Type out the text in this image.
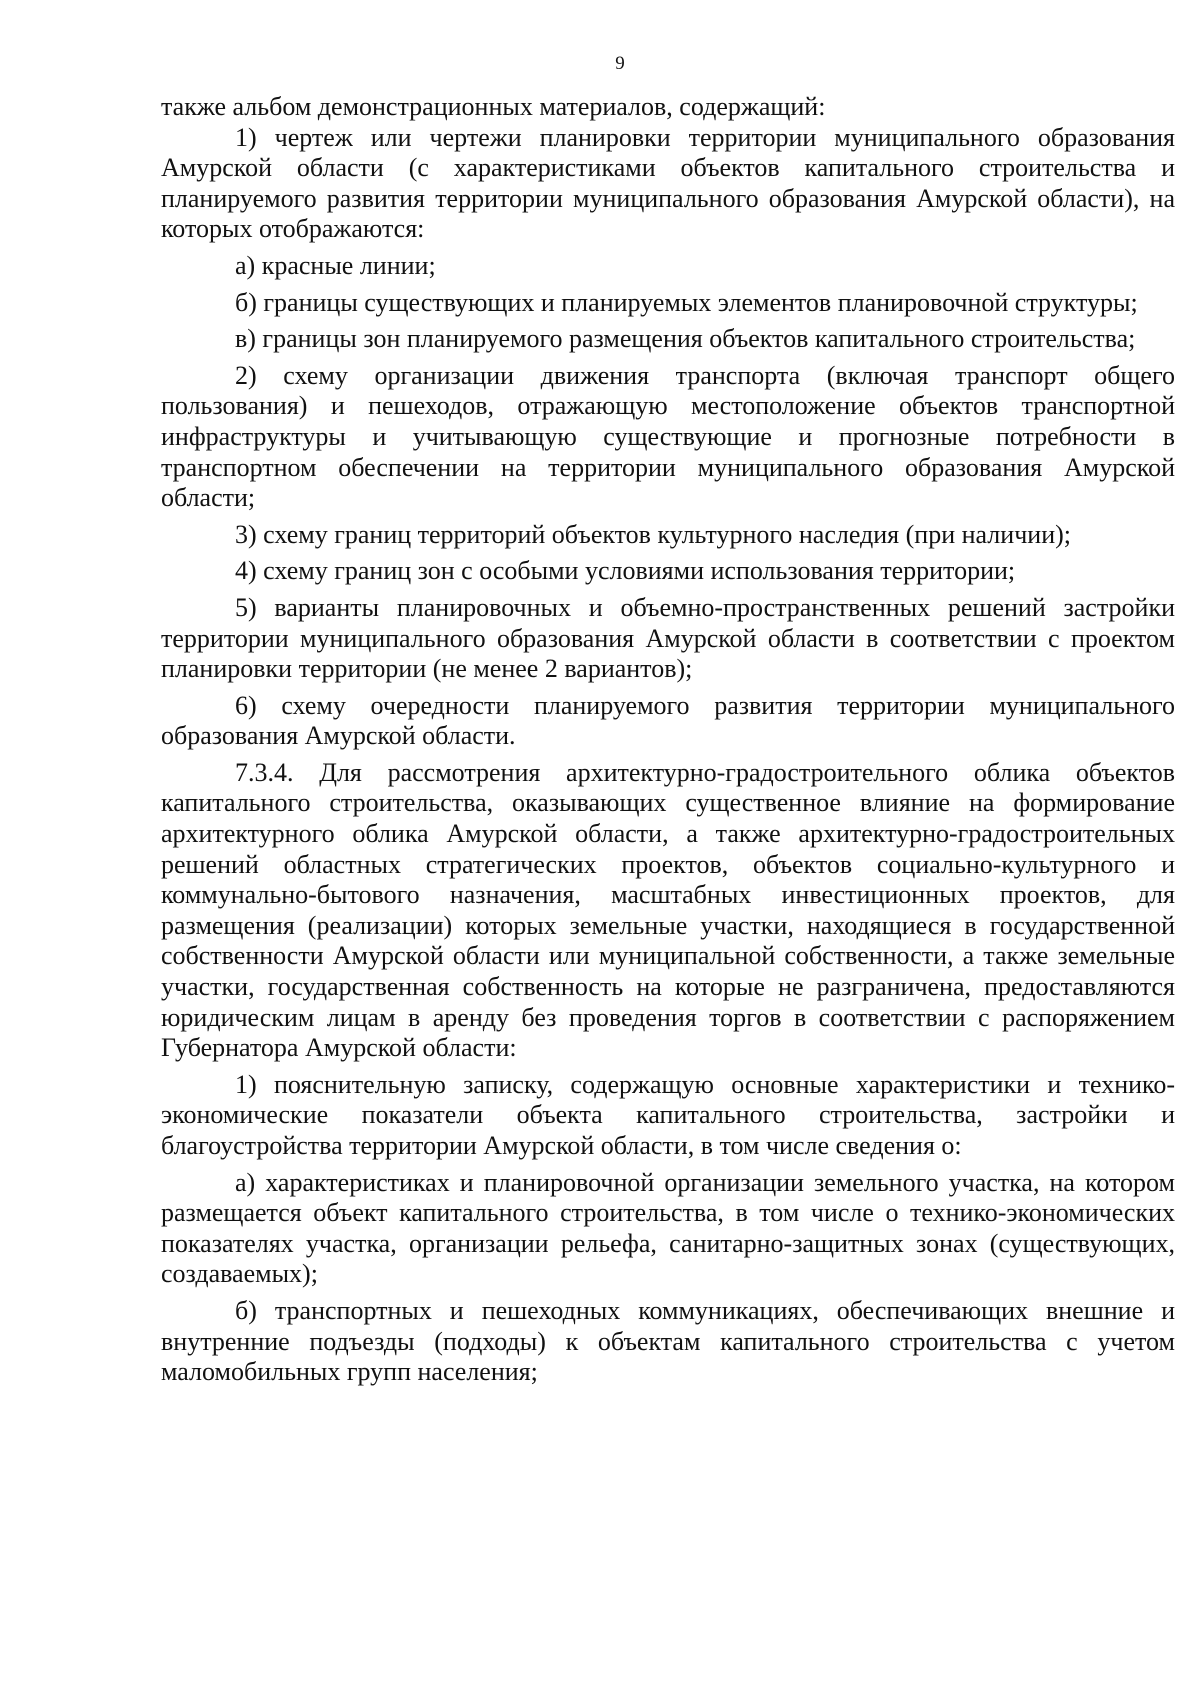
9

также альбом демонстрационных материалов, содержащий:

1) чертеж или чертежи планировки территории муниципального образования Амурской области (с характеристиками объектов капитального строительства и планируемого развития территории муниципального образования Амурской области), на которых отображаются:

а) красные линии;

б) границы существующих и планируемых элементов планировочной структуры;

в) границы зон планируемого размещения объектов капитального строительства;

2) схему организации движения транспорта (включая транспорт общего пользования) и пешеходов, отражающую местоположение объектов транспортной инфраструктуры и учитывающую существующие и прогнозные потребности в транспортном обеспечении на территории муниципального образования Амурской области;

3) схему границ территорий объектов культурного наследия (при наличии);

4) схему границ зон с особыми условиями использования территории;

5) варианты планировочных и объемно-пространственных решений застройки территории муниципального образования Амурской области в соответствии с проектом планировки территории (не менее 2 вариантов);

6) схему очередности планируемого развития территории муниципального образования Амурской области.

7.3.4. Для рассмотрения архитектурно-градостроительного облика объектов капитального строительства, оказывающих существенное влияние на формирование архитектурного облика Амурской области, а также архитектурно-градостроительных решений областных стратегических проектов, объектов социально-культурного и коммунально-бытового назначения, масштабных инвестиционных проектов, для размещения (реализации) которых земельные участки, находящиеся в государственной собственности Амурской области или муниципальной собственности, а также земельные участки, государственная собственность на которые не разграничена, предоставляются юридическим лицам в аренду без проведения торгов в соответствии с распоряжением Губернатора Амурской области:

1) пояснительную записку, содержащую основные характеристики и технико-экономические показатели объекта капитального строительства, застройки и благоустройства территории Амурской области, в том числе сведения о:

а) характеристиках и планировочной организации земельного участка, на котором размещается объект капитального строительства, в том числе о технико-экономических показателях участка, организации рельефа, санитарно-защитных зонах (существующих, создаваемых);

б) транспортных и пешеходных коммуникациях, обеспечивающих внешние и внутренние подъезды (подходы) к объектам капитального строительства с учетом маломобильных групп населения;
